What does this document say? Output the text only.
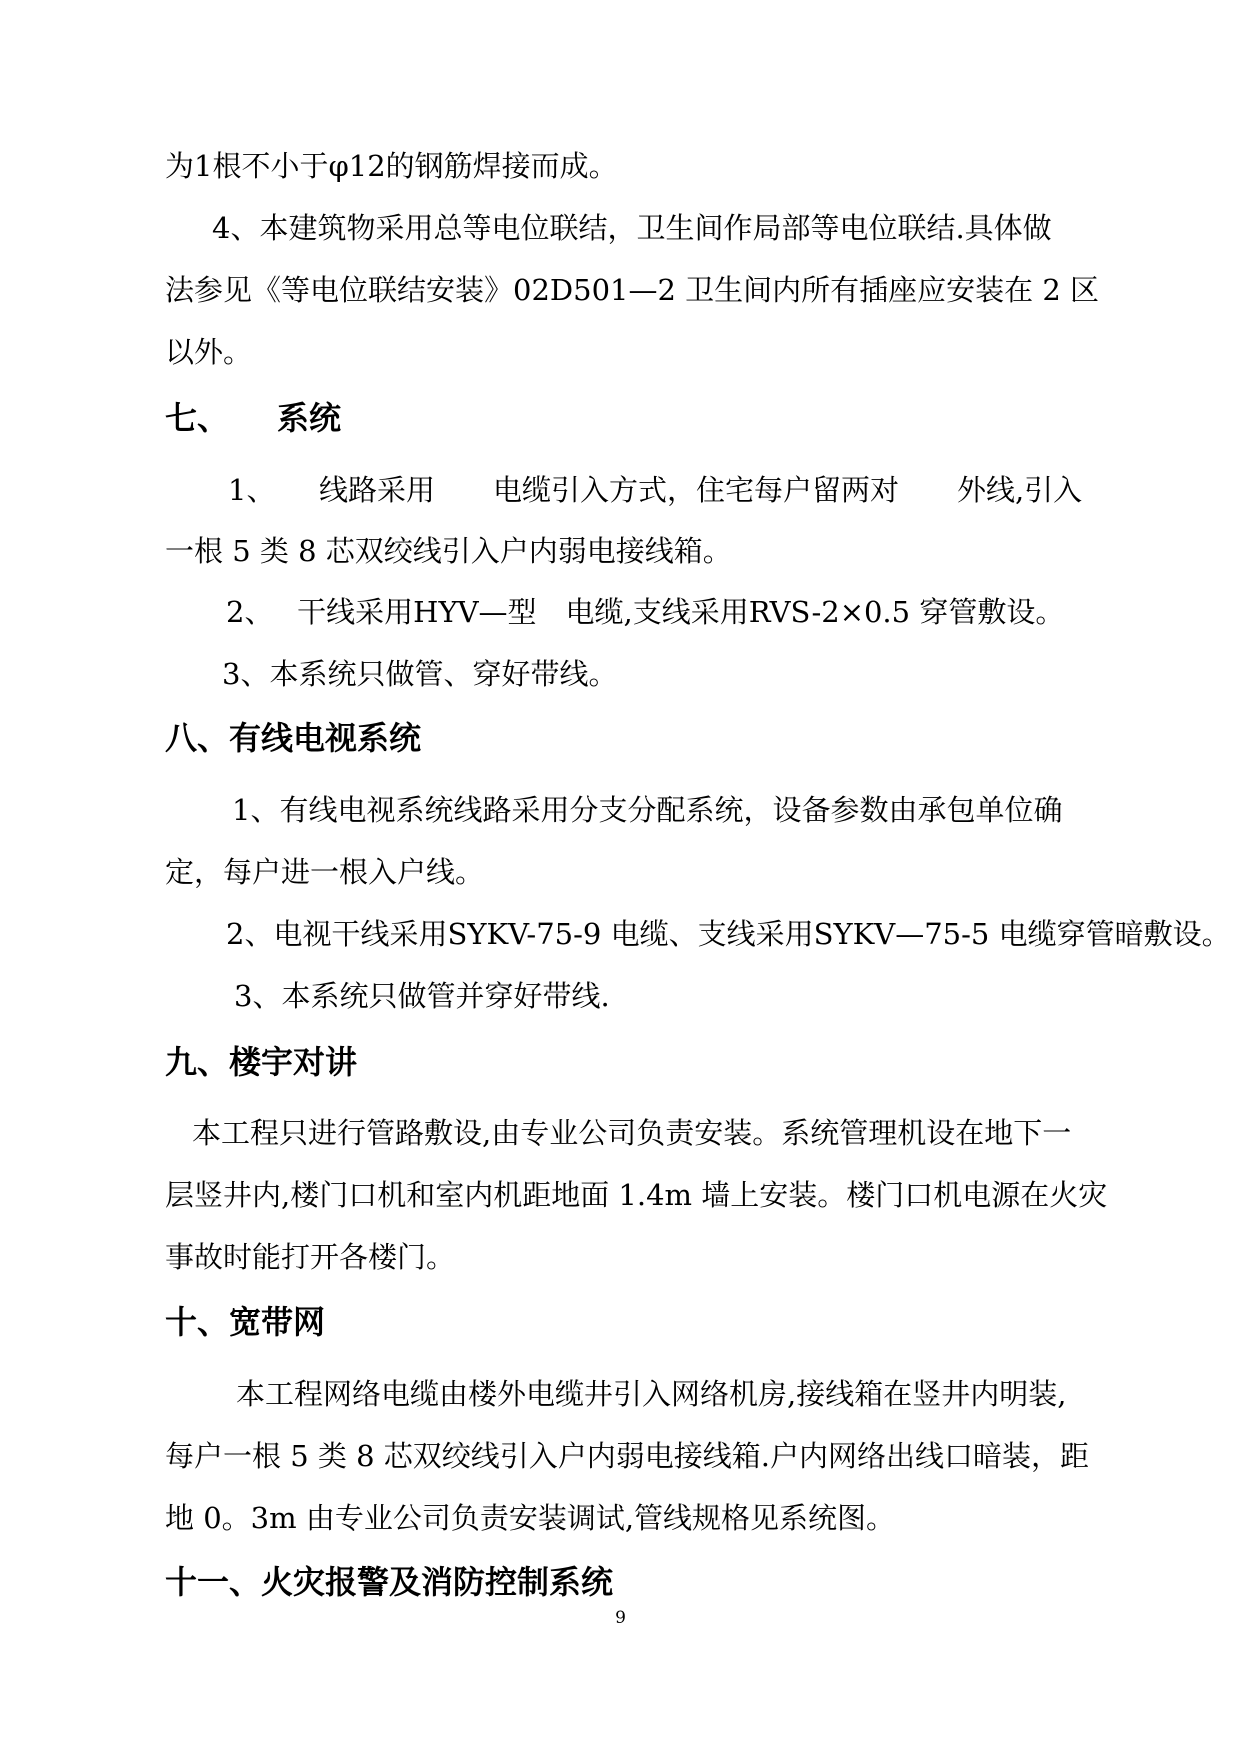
为1根不小于φ12的钢筋焊接而成。
4、本建筑物采用总等电位联结，卫生间作局部等电位联结.具体做
法参见《等电位联结安装》02D501—2 卫生间内所有插座应安装在 2 区
以外。
七、　　系统
1、　　线路采用　　电缆引入方式，住宅每户留两对　　外线,引入
一根 5 类 8 芯双绞线引入户内弱电接线箱。
2、　 干线采用HYV—型　电缆,支线采用RVS-2×0.5 穿管敷设。
3、本系统只做管、穿好带线。
八、有线电视系统
1、有线电视系统线路采用分支分配系统，设备参数由承包单位确
定，每户进一根入户线。
2、电视干线采用SYKV-75-9 电缆、支线采用SYKV—75-5 电缆穿管暗敷设。
3、本系统只做管并穿好带线.
九、楼宇对讲
本工程只进行管路敷设,由专业公司负责安装。系统管理机设在地下一
层竖井内,楼门口机和室内机距地面 1.4m 墙上安装。楼门口机电源在火灾
事故时能打开各楼门。
十、宽带网
本工程网络电缆由楼外电缆井引入网络机房,接线箱在竖井内明装,
每户一根 5 类 8 芯双绞线引入户内弱电接线箱.户内网络出线口暗装，距
地 0。3m 由专业公司负责安装调试,管线规格见系统图。
十一、火灾报警及消防控制系统
9
